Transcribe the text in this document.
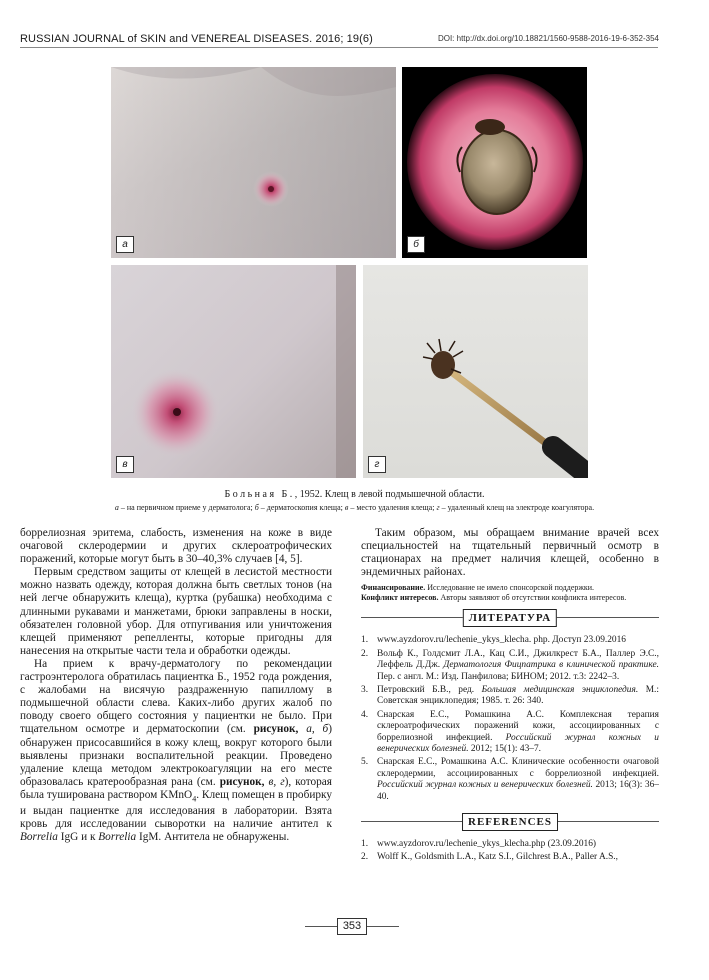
RUSSIAN JOURNAL of SKIN and VENEREAL DISEASES. 2016; 19(6)	DOI: http://dx.doi.org/10.18821/1560-9588-2016-19-6-352-354
а	б
в	г
Больная Б., 1952. Клещ в левой подмышечной области.
а – на первичном приеме у дерматолога; б – дерматоскопия клеща; в – место удаления клеща; г – удаленный клещ на электроде коагулятора.

боррелиозная эритема, слабость, изменения на коже в виде очаговой склеродермии и других склероатрофических поражений, которые могут быть в 30–40,3% случаев [4, 5].

Первым средством защиты от клещей в лесистой местности можно назвать одежду, которая должна быть светлых тонов (на ней легче обнаружить клеща), куртка (рубашка) необходима с длинными рукавами и манжетами, брюки заправлены в носки, обязателен головной убор. Для отпугивания или уничтожения клещей применяют репелленты, которые пригодны для нанесения на открытые части тела и обработки одежды.

На прием к врачу-дерматологу по рекомендации гастроэнтеролога обратилась пациентка Б., 1952 года рождения, с жалобами на висячую раздраженную папиллому в подмышечной области слева. Каких-либо других жалоб по поводу своего общего состояния у пациентки не было. При тщательном осмотре и дерматоскопии (см. рисунок, а, б) обнаружен присосавшийся в кожу клещ, вокруг которого были выявлены признаки воспалительной реакции. Проведено удаление клеща методом электрокоагуляции на его месте образовалась кратерообразная рана (см. рисунок, в, г), которая была туширована раствором KMnO$_4$. Клещ помещен в пробирку и выдан пациентке для исследования в лаборатории. Взята кровь для исследовании сыворотки на наличие антител к Borrelia IgG и к Borrelia IgM. Антитела не обнаружены.

Таким образом, мы обращаем внимание врачей всех специальностей на тщательный первичный осмотр в стационарах на предмет наличия клещей, особенно в эндемичных районах.

Финансирование. Исследование не имело спонсорской поддержки.
Конфликт интересов. Авторы заявляют об отсутствии конфликта интересов.
ЛИТЕРАТУРА
1. www.ayzdorov.ru/lechenie_ykys_klecha. php. Доступ 23.09.2016
2. Вольф К., Голдсмит Л.А., Кац С.И., Джилкрест Б.А., Паллер Э.С., Леффель Д.Дж. Дерматология Фицпатрика в клинической практике. Пер. с англ. М.: Изд. Панфилова; БИНОМ; 2012. т.3: 2242–3.
3. Петровский Б.В., ред. Большая медицинская энциклопедия. М.: Советская энциклопедия; 1985. т. 26: 340.
4. Снарская Е.С., Ромашкина А.С. Комплексная терапия склероатрофических поражений кожи, ассоциированных с боррелиозной инфекцией. Российский журнал кожных и венерических болезней. 2012; 15(1): 43–7.
5. Снарская Е.С., Ромашкина А.С. Клинические особенности очаговой склеродермии, ассоциированных с боррелиозной инфекцией. Российский журнал кожных и венерических болезней. 2013; 16(3): 36–40.
REFERENCES
1. www.ayzdorov.ru/lechenie_ykys_klecha.php (23.09.2016)
2. Wolff K., Goldsmith L.A., Katz S.I., Gilchrest B.A., Paller A.S.,
353
